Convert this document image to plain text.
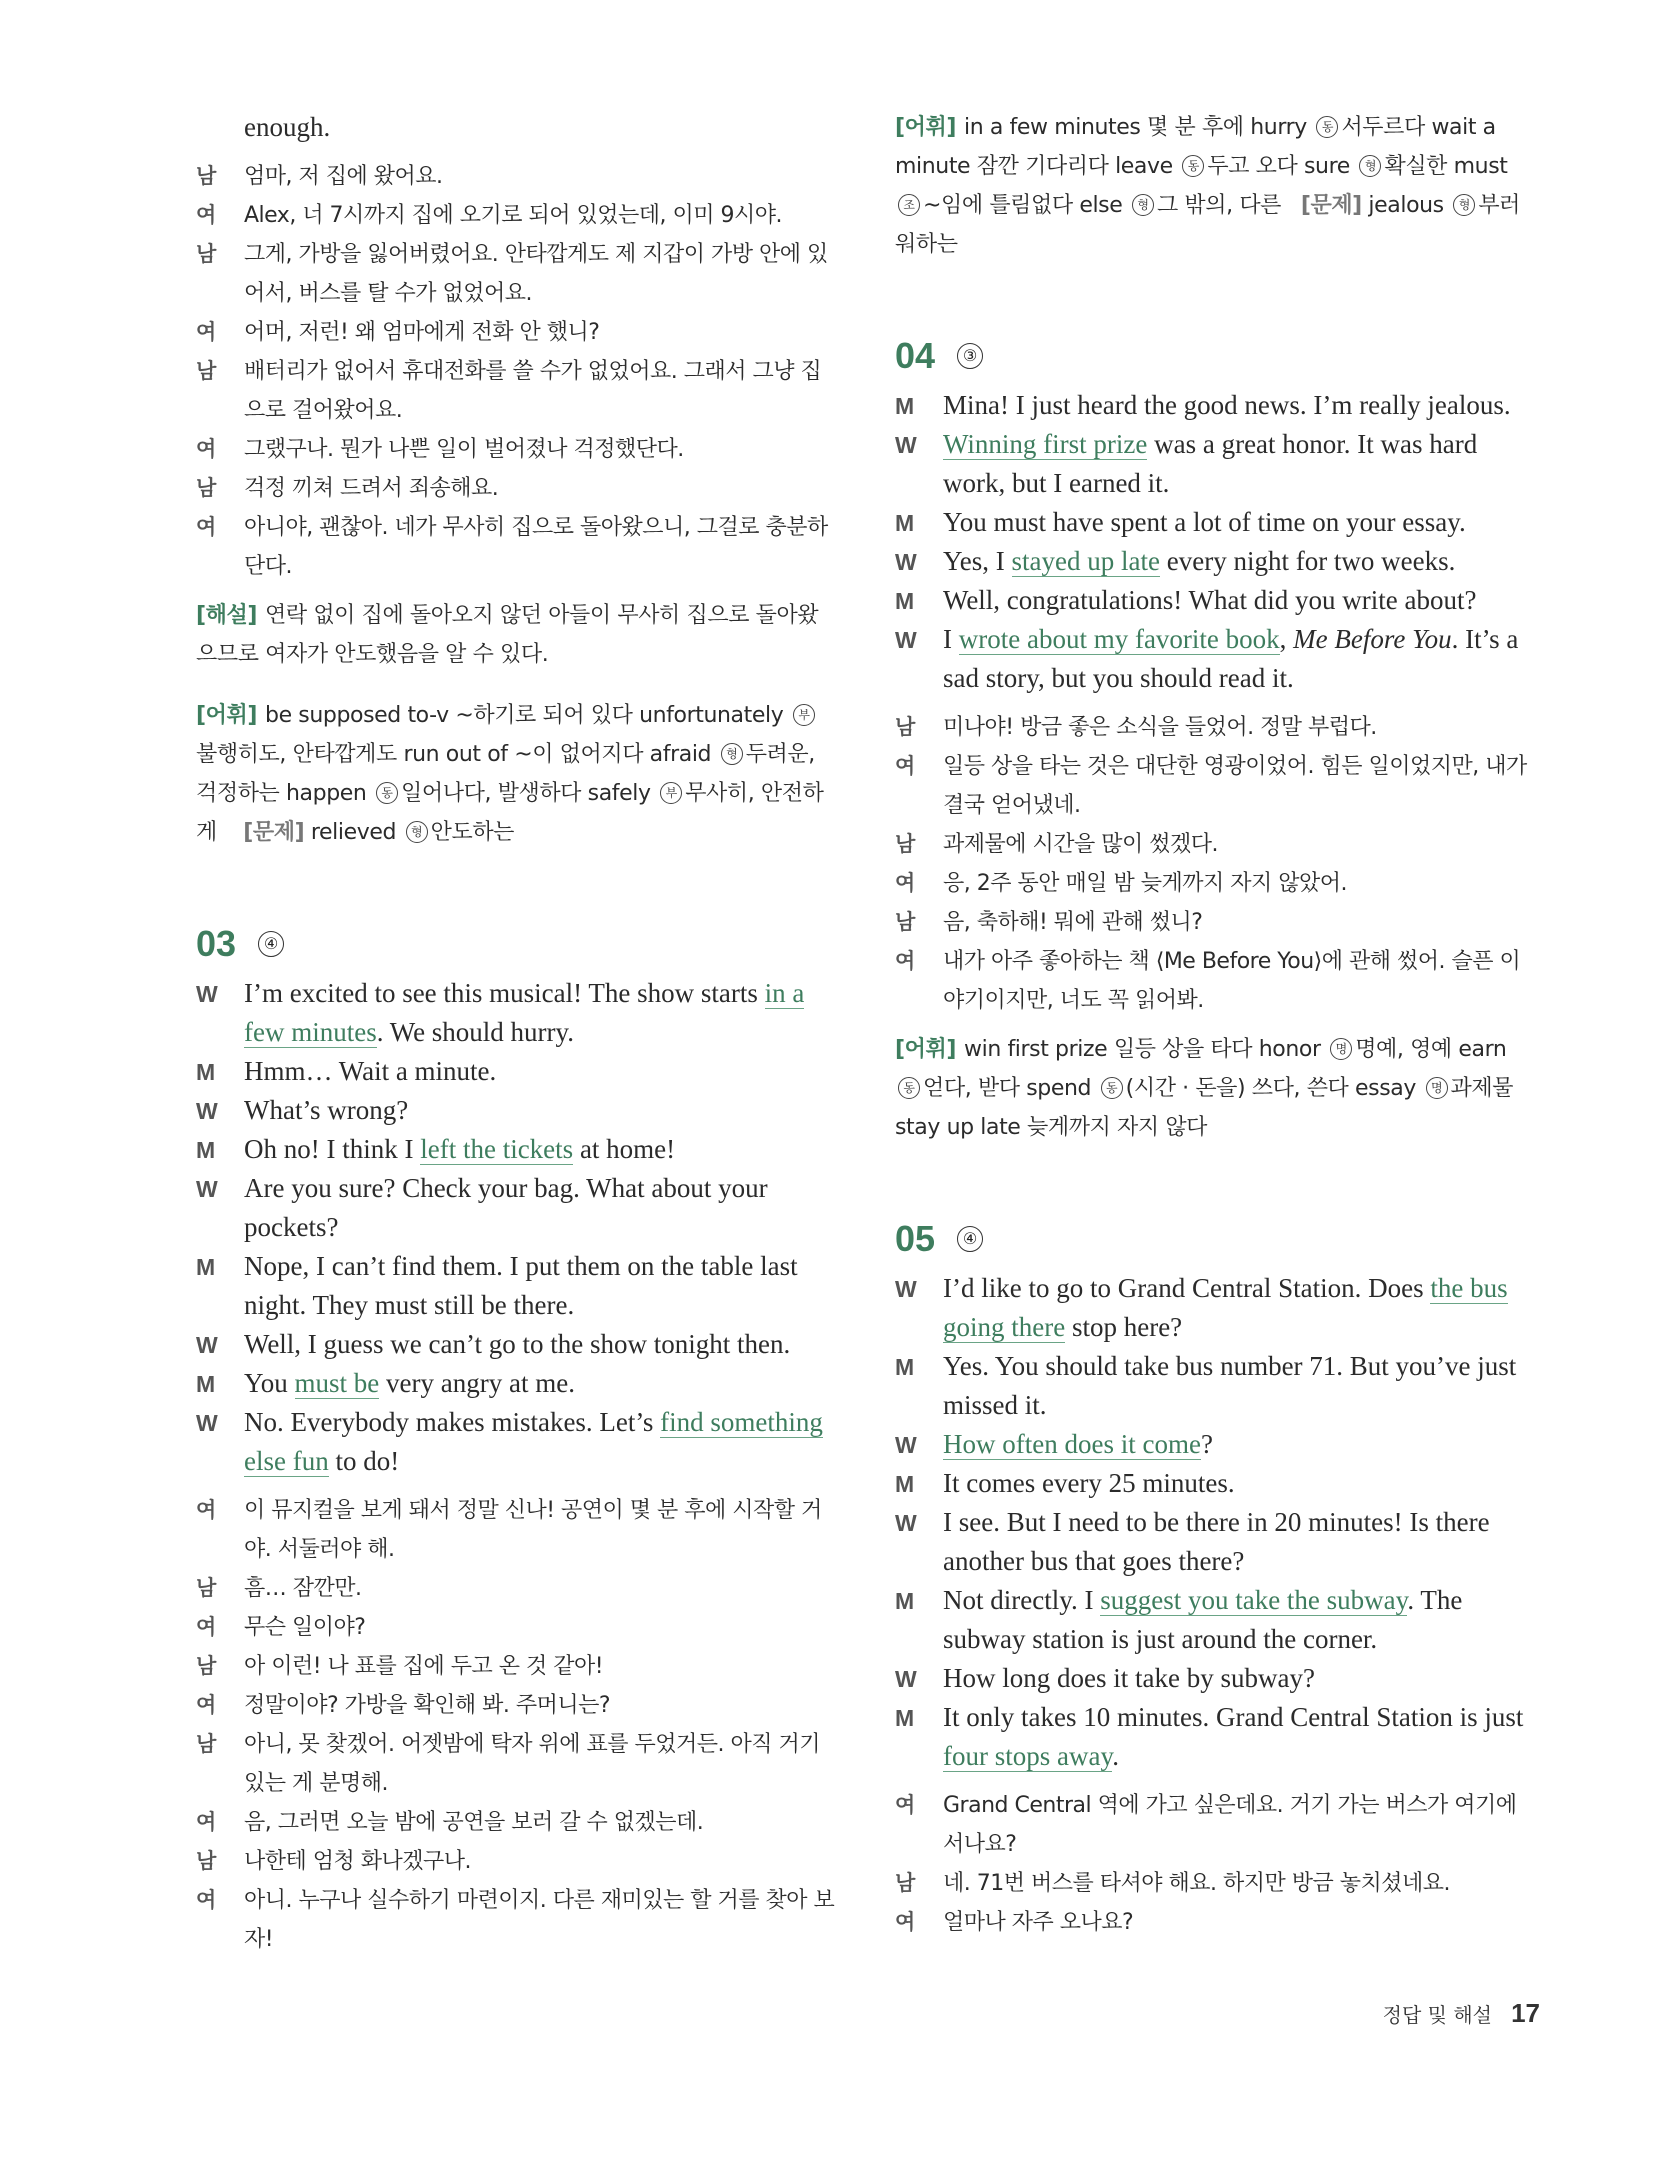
enough.

남 엄마, 저 집에 왔어요.

여 Alex, 너 7시까지 집에 오기로 되어 있었는데, 이미 9시야.

남 그게, 가방을 잃어버렸어요. 안타깝게도 제 지갑이 가방 안에 있어서, 버스를 탈 수가 없었어요.

여 어머, 저런! 왜 엄마에게 전화 안 했니?

남 배터리가 없어서 휴대전화를 쓸 수가 없었어요. 그래서 그냥 집으로 걸어왔어요.

여 그랬구나. 뭔가 나쁜 일이 벌어졌나 걱정했단다.

남 걱정 끼쳐 드려서 죄송해요.

여 아니야, 괜찮아. 네가 무사히 집으로 돌아왔으니, 그걸로 충분하단다.

[해설] 연락 없이 집에 돌아오지 않던 아들이 무사히 집으로 돌아왔으므로 여자가 안도했음을 알 수 있다.

[어휘] be supposed to-v ~하기로 되어 있다 unfortunately 부불행히도, 안타깝게도 run out of ~이 없어지다 afraid 형 두려운, 걱정하는 happen 동 일어나다, 발생하다 safely 부 무사히, 안전하게 [문제] relieved 형 안도하는

03	④

W I’m excited to see this musical! The show starts in a few minutes. We should hurry.

M Hmm… Wait a minute.

W What’s wrong?

M Oh no! I think I left the tickets at home!

W Are you sure? Check your bag. What about your pockets?

M Nope, I can’t find them. I put them on the table last night. They must still be there.

W Well, I guess we can’t go to the show tonight then.

M You must be very angry at me.

W No. Everybody makes mistakes. Let’s find something else fun to do!

여 이 뮤지컬을 보게 돼서 정말 신나! 공연이 몇 분 후에 시작할 거야. 서둘러야 해.

남 흠… 잠깐만.

여 무슨 일이야?

남 아 이런! 나 표를 집에 두고 온 것 같아!

여 정말이야? 가방을 확인해 봐. 주머니는?

남 아니, 못 찾겠어. 어젯밤에 탁자 위에 표를 두었거든. 아직 거기 있는 게 분명해.

여 음, 그러면 오늘 밤에 공연을 보러 갈 수 없겠는데.

남 나한테 엄청 화나겠구나.

여 아니. 누구나 실수하기 마련이지. 다른 재미있는 할 거를 찾아 보자!

[어휘] in a few minutes 몇 분 후에 hurry 동 서두르다 wait a minute 잠깐 기다리다 leave 동 두고 오다 sure 형 확실한 must 조 ~임에 틀림없다 else 형 그 밖의, 다른 [문제] jealous 형 부러워하는

04	③

M Mina! I just heard the good news. I’m really jealous.

W Winning first prize was a great honor. It was hard work, but I earned it.

M You must have spent a lot of time on your essay.

W Yes, I stayed up late every night for two weeks.

M Well, congratulations! What did you write about?

W I wrote about my favorite book, Me Before You. It’s a sad story, but you should read it.

남 미나야! 방금 좋은 소식을 들었어. 정말 부럽다.

여 일등 상을 타는 것은 대단한 영광이었어. 힘든 일이었지만, 내가 결국 얻어냈네.

남 과제물에 시간을 많이 썼겠다.

여 응, 2주 동안 매일 밤 늦게까지 자지 않았어.

남 음, 축하해! 뭐에 관해 썼니?

여 내가 아주 좋아하는 책 ⟨Me Before You⟩에 관해 썼어. 슬픈 이야기이지만, 너도 꼭 읽어봐.

[어휘] win first prize 일등 상을 타다 honor 명 명예, 영예 earn 동 얻다, 받다 spend 동 (시간 · 돈을) 쓰다, 쓴다 essay 명 과제물 stay up late 늦게까지 자지 않다

05	④

W I’d like to go to Grand Central Station. Does the bus going there stop here?

M Yes. You should take bus number 71. But you’ve just missed it.

W How often does it come?

M It comes every 25 minutes.

W I see. But I need to be there in 20 minutes! Is there another bus that goes there?

M Not directly. I suggest you take the subway. The subway station is just around the corner.

W How long does it take by subway?

M It only takes 10 minutes. Grand Central Station is just four stops away.

여 Grand Central 역에 가고 싶은데요. 거기 가는 버스가 여기에 서나요?

남 네. 71번 버스를 타셔야 해요. 하지만 방금 놓치셨네요.

여 얼마나 자주 오나요?

정답 및 해설 17
